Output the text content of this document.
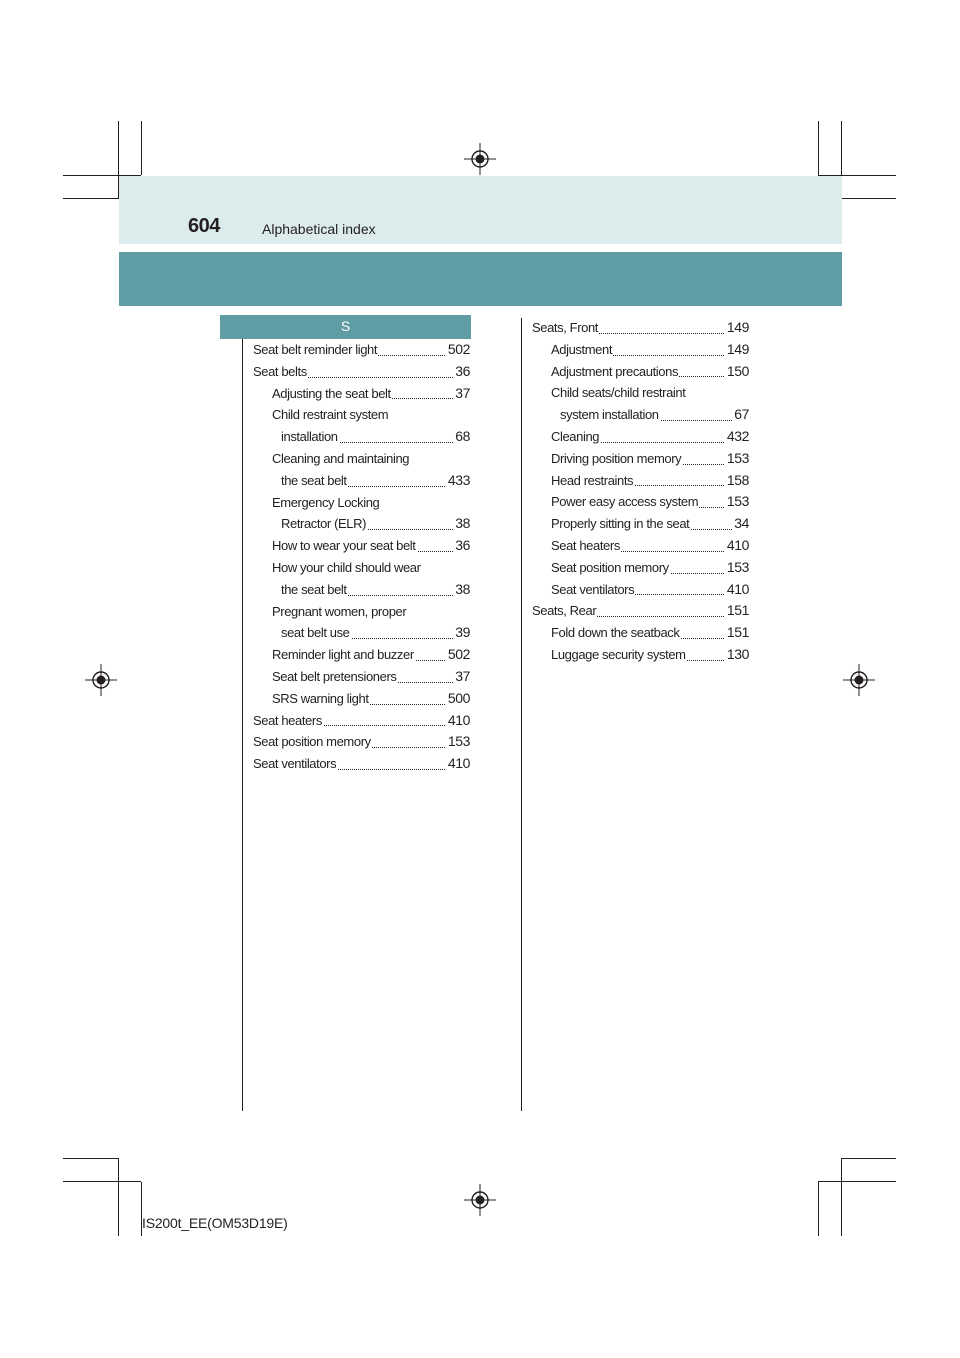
604	Alphabetical index
S
Seat belt reminder light	502
Seat belts	36
Adjusting the seat belt	37
Child restraint system
installation	68
Cleaning and maintaining
the seat belt	433
Emergency Locking
Retractor (ELR)	38
How to wear your seat belt	36
How your child should wear
the seat belt	38
Pregnant women, proper
seat belt use	39
Reminder light and buzzer 502
Seat belt pretensioners	37
SRS warning light	500
Seat heaters	410
Seat position memory	153
Seat ventilators	410
Seats, Front	149
Adjustment	149
Adjustment precautions	150
Child seats/child restraint
system installation	67
Cleaning	432
Driving position memory	153
Head restraints	158
Power easy access system 153
Properly sitting in the seat	34
Seat heaters	410
Seat position memory	153
Seat ventilators	410
Seats, Rear	151
Fold down the seatback	151
Luggage security system	130
IS200t_EE(OM53D19E)
